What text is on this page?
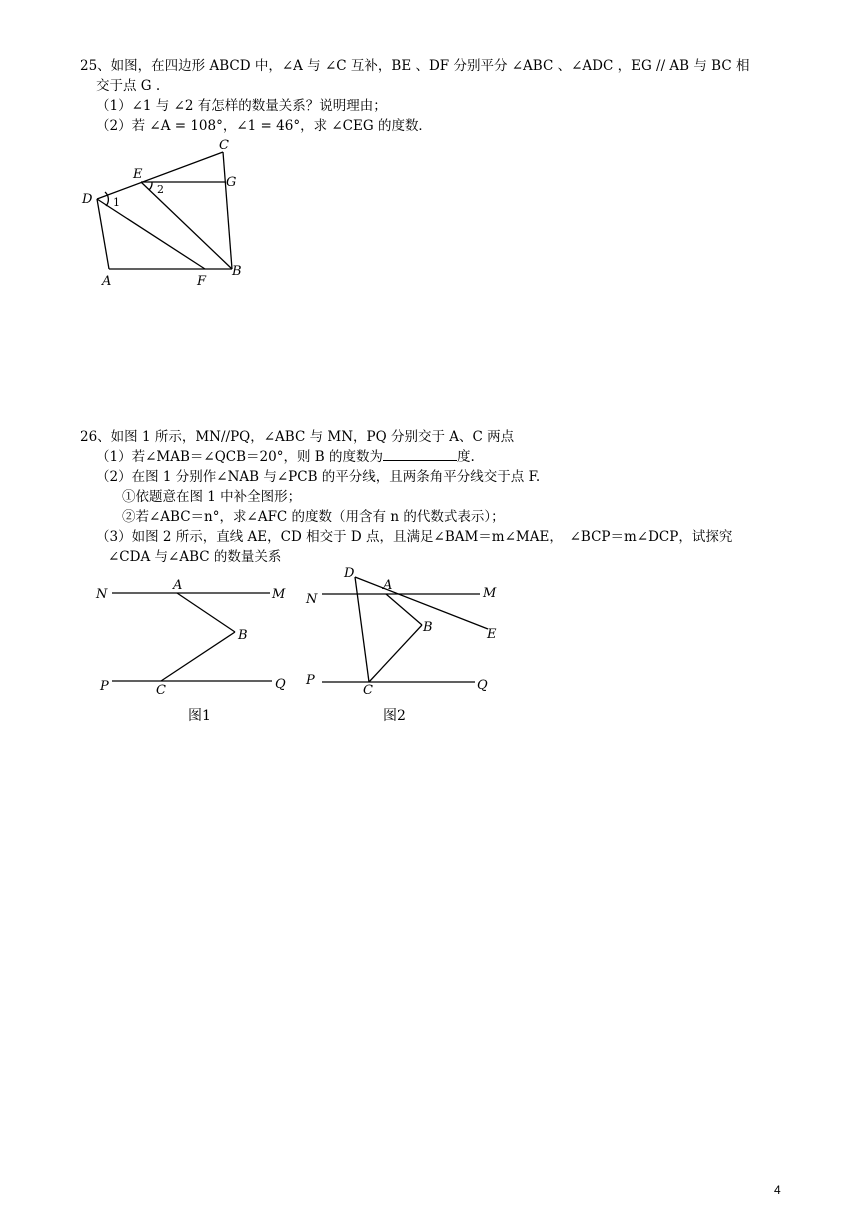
25、如图，在四边形 ABCD 中，∠A 与 ∠C 互补，BE 、DF 分别平分 ∠ABC 、∠ADC ，EG // AB 与 BC 相
交于点 G .
（1）∠1 与 ∠2 有怎样的数量关系？说明理由；
（2）若 ∠A = 108°，∠1 = 46°，求 ∠CEG 的度数．
C
E
2	G
D 1
A	F
B
26、如图 1 所示，MN//PQ，∠ABC 与 MN，PQ 分别交于 A、C 两点
（1）若∠MAB＝∠QCB＝20°，则 B 的度数为	度.
（2）在图 1 分别作∠NAB 与∠PCB 的平分线，且两条角平分线交于点 F.
①依题意在图 1 中补全图形；
②若∠ABC＝n°，求∠AFC 的度数（用含有 n 的代数式表示）；
（3）如图 2 所示，直线 AE，CD 相交于 D 点，且满足∠BAM＝m∠MAE，　∠BCP＝m∠DCP，试探究
∠CDA 与∠ABC 的数量关系
N
A
M
B
P	C	Q
图1
D
A
N	M
B	E
P
C	Q
图2
4
